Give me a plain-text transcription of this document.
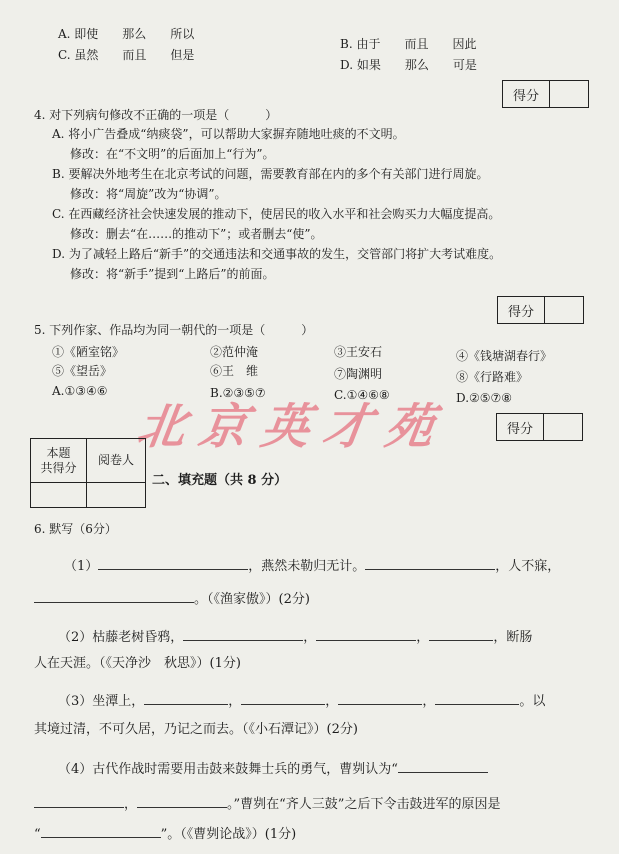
A. 即使　　那么　　所以
C. 虽然　　而且　　但是
B. 由于　　而且　　因此
D. 如果　　那么　　可是
得分
4. 对下列病句修改不正确的一项是（　　　）
A. 将小广告叠成“纳痰袋”，可以帮助大家摒弃随地吐痰的不文明。
修改：在“不文明”的后面加上“行为”。
B. 要解决外地考生在北京考试的问题，需要教育部在内的多个有关部门进行周旋。
修改：将“周旋”改为“协调”。
C. 在西藏经济社会快速发展的推动下，使居民的收入水平和社会购买力大幅度提高。
修改：删去“在……的推动下”；或者删去“使”。
D. 为了减轻上路后“新手”的交通违法和交通事故的发生，交管部门将扩大考试难度。
修改：将“新手”提到“上路后”的前面。
得分
5. 下列作家、作品均为同一朝代的一项是（　　　）
①《陋室铭》	②范仲淹	③王安石	④《钱塘湖春行》
⑤《望岳》	⑥王　维	⑦陶渊明	⑧《行路难》
A.①③④⑥	B.②③⑤⑦	C.①④⑥⑧	D.②⑤⑦⑧
北京英才苑	得分
本题
共得分
阅卷人
二、填充题（共 8 分）
6. 默写（6分）
（1）	，燕然未勒归无计。	，人不寐，
。（《渔家傲》）(2分)
（2）枯藤老树昏鸦，	，	，	，断肠
人在天涯。（《天净沙　秋思》）(1分)
（3）坐潭上，	，	，	，	。以
其境过清，不可久居，乃记之而去。（《小石潭记》）(2分)
（4）古代作战时需要用击鼓来鼓舞士兵的勇气，曹刿认为“
，	。”曹刿在“齐人三鼓”之后下令击鼓进军的原因是
“	”。（《曹刿论战》）(1分)
